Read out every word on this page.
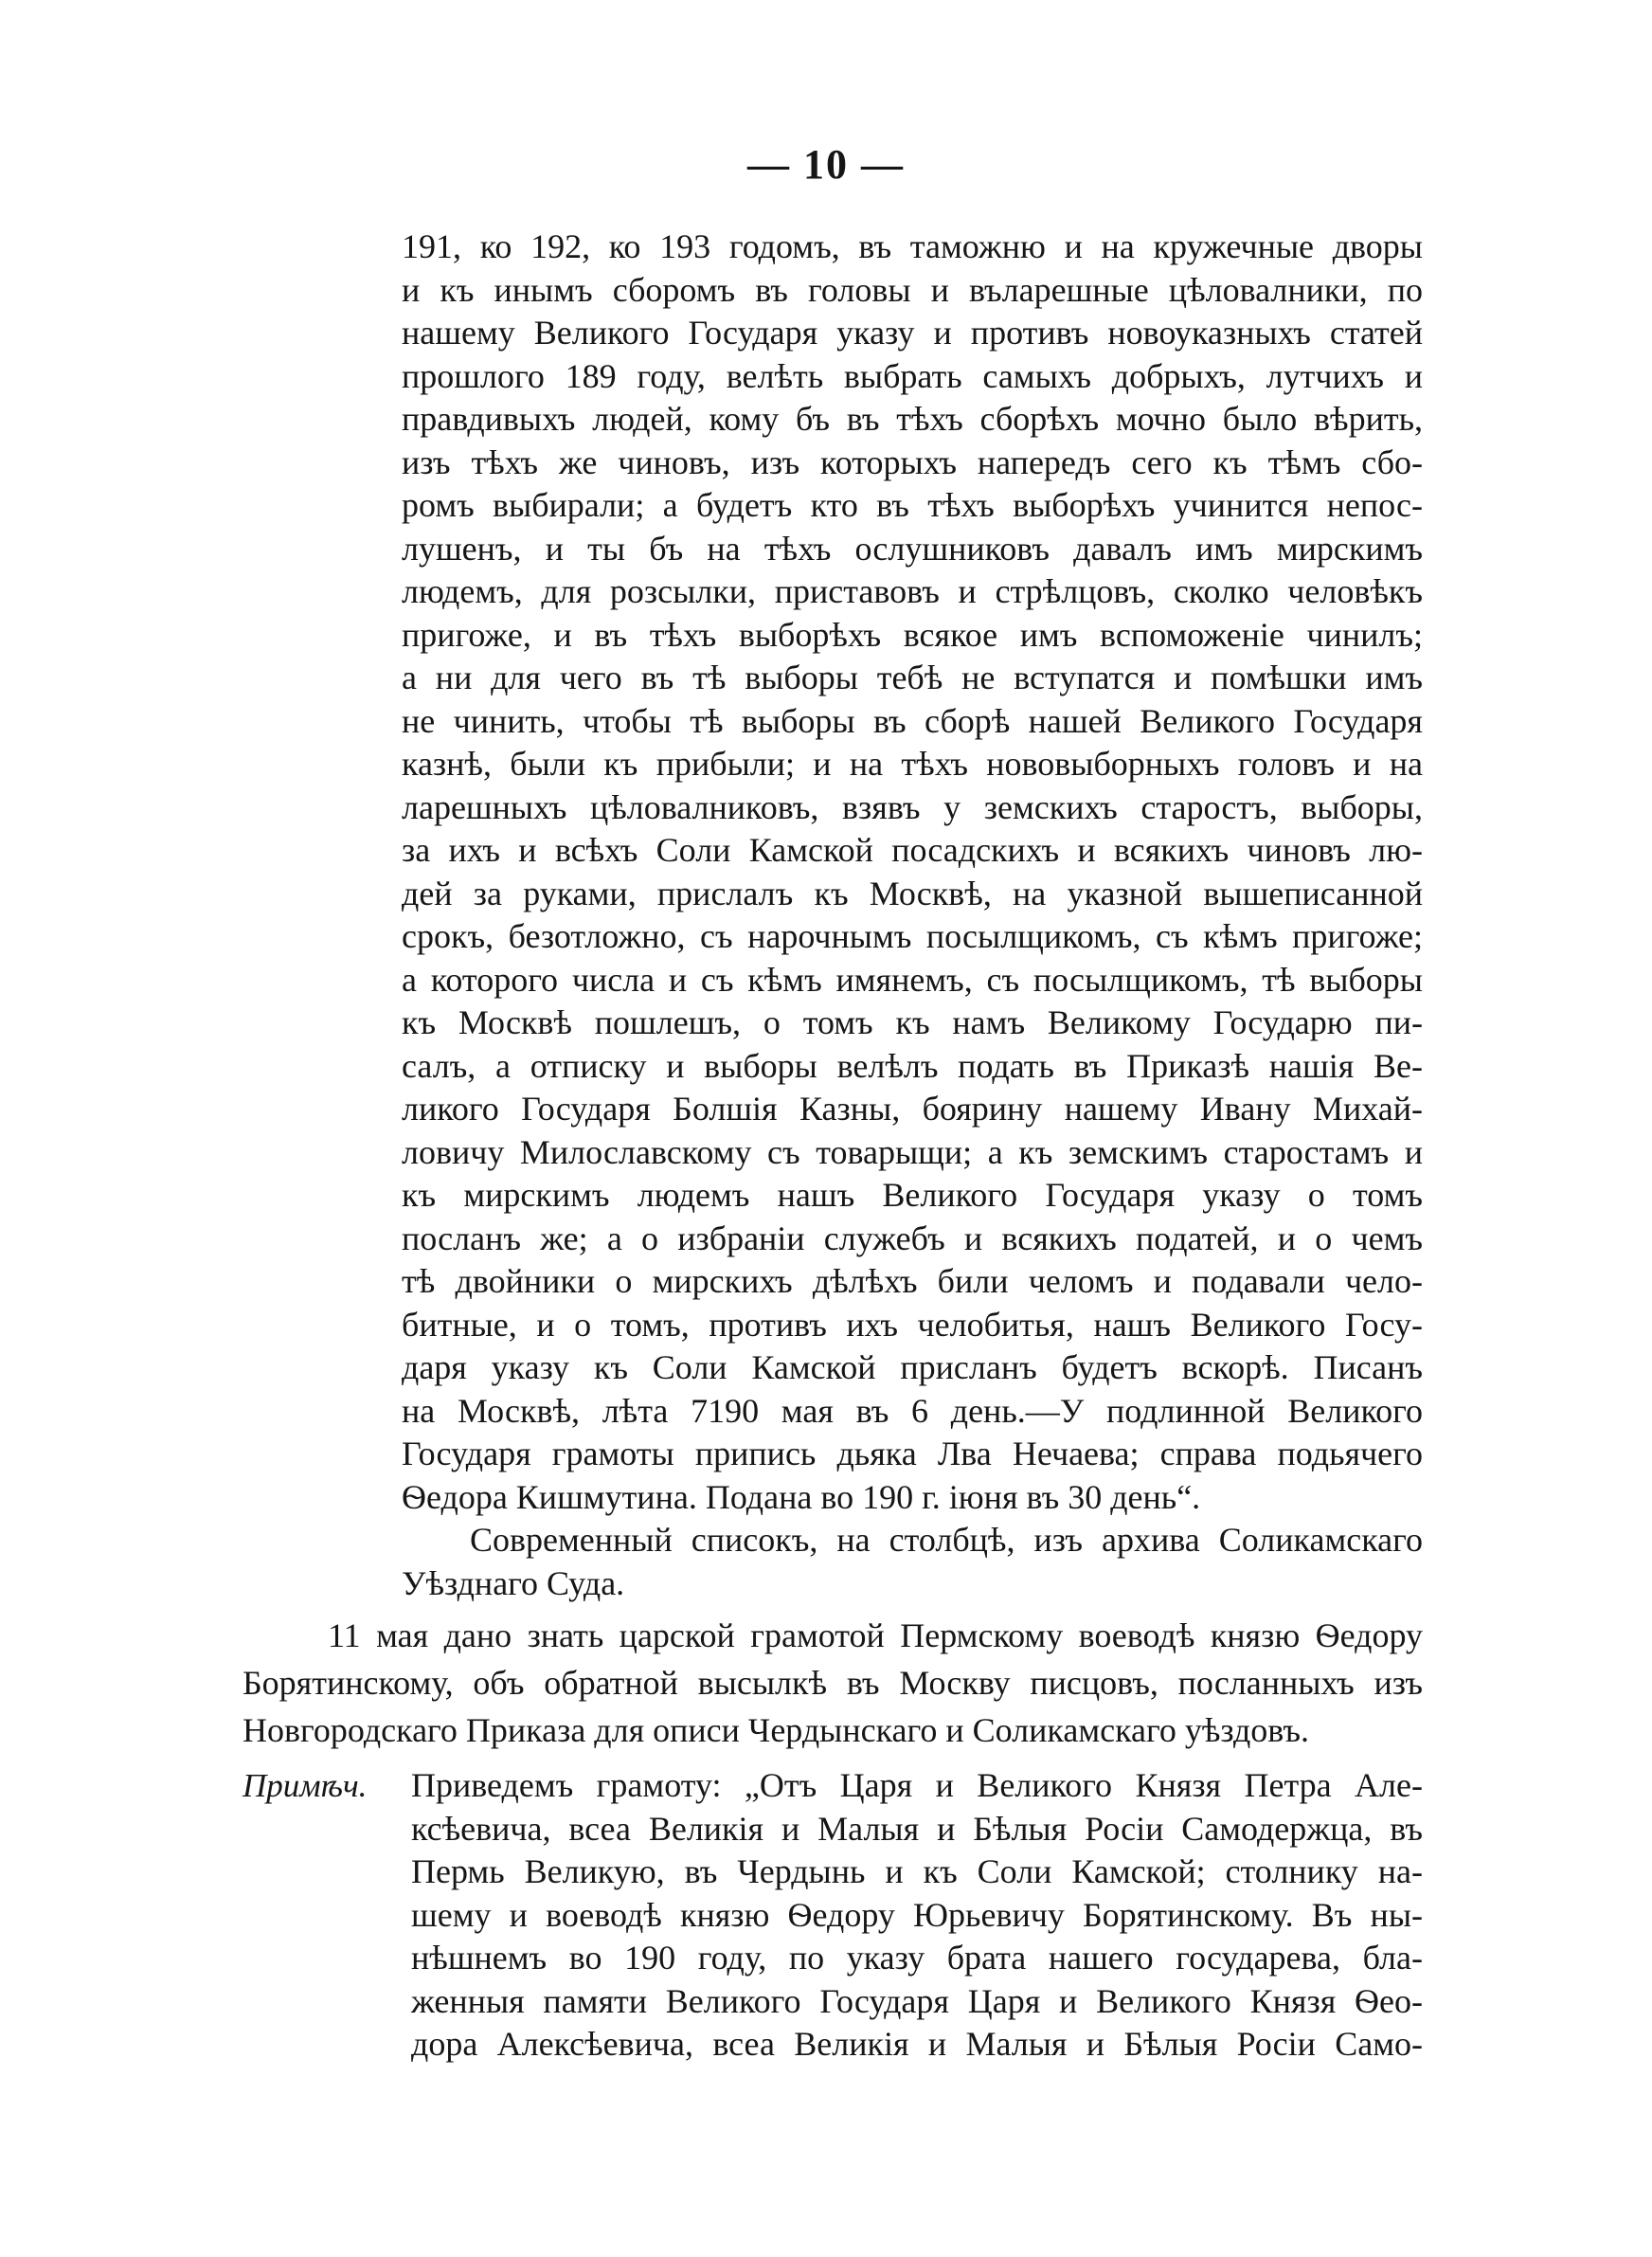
— 10 —
191, ко 192, ко 193 годомъ, въ таможню и на кружечные дворы
и къ инымъ сборомъ въ головы и въларешные цѣловалники, по
нашему Великого Государя указу и противъ новоуказныхъ статей
прошлого 189 году, велѣть выбрать самыхъ добрыхъ, лутчихъ и
правдивыхъ людей, кому бъ въ тѣхъ сборѣхъ мочно было вѣрить,
изъ тѣхъ же чиновъ, изъ которыхъ напередъ сего къ тѣмъ сбо-
ромъ выбирали; а будетъ кто въ тѣхъ выборѣхъ учинится непос-
лушенъ, и ты бъ на тѣхъ ослушниковъ давалъ имъ мирскимъ
людемъ, для розсылки, приставовъ и стрѣлцовъ, сколко человѣкъ
пригоже, и въ тѣхъ выборѣхъ всякое имъ вспоможенiе чинилъ;
а ни для чего въ тѣ выборы тебѣ не вступатся и помѣшки имъ
не чинить, чтобы тѣ выборы въ сборѣ нашей Великого Государя
казнѣ, были къ прибыли; и на тѣхъ нововыборныхъ головъ и на
ларешныхъ цѣловалниковъ, взявъ у земскихъ старостъ, выборы,
за ихъ и всѣхъ Соли Камской посадскихъ и всякихъ чиновъ лю-
дей за руками, прислалъ къ Москвѣ, на указной вышеписанной
срокъ, безотложно, съ нарочнымъ посылщикомъ, съ кѣмъ пригоже;
а которого числа и съ кѣмъ имянемъ, съ посылщикомъ, тѣ выборы
къ Москвѣ пошлешъ, о томъ къ намъ Великому Государю пи-
салъ, а отписку и выборы велѣлъ подать въ Приказѣ нашiя Ве-
ликого Государя Болшiя Казны, боярину нашему Ивану Михай-
ловичу Милославскому съ товарыщи; а къ земскимъ старостамъ и
къ мирскимъ людемъ нашъ Великого Государя указу о томъ
посланъ же; а о избранiи служебъ и всякихъ податей, и о чемъ
тѣ двойники о мирскихъ дѣлѣхъ били челомъ и подавали чело-
битные, и о томъ, противъ ихъ челобитья, нашъ Великого Госу-
даря указу къ Соли Камской присланъ будетъ вскорѣ. Писанъ
на Москвѣ, лѣта 7190 мая въ 6 день.—У подлинной Великого
Государя грамоты припись дьяка Лва Нечаева; справа подьячего
Ѳедора Кишмутина. Подана во 190 г. iюня въ 30 день“.
Современный списокъ, на столбцѣ, изъ архива Соликамскаго
Уѣзднаго Суда.
11 мая дано знать царской грамотой Пермскому воеводѣ князю Ѳедору
Борятинскому, объ обратной высылкѣ въ Москву писцовъ, посланныхъ изъ
Новгородскаго Приказа для описи Чердынскаго и Соликамскаго уѣздовъ.
Примѣч. Приведемъ грамоту: „Отъ Царя и Великого Князя Петра Але-
ксѣевича, всеа Великiя и Малыя и Бѣлыя Росiи Самодержца, въ
Пермь Великую, въ Чердынь и къ Соли Камской; столнику на-
шему и воеводѣ князю Ѳедору Юрьевичу Борятинскому. Въ ны-
нѣшнемъ во 190 году, по указу брата нашего государева, бла-
женныя памяти Великого Государя Царя и Великого Князя Ѳео-
дора Алексѣевича, всеа Великiя и Малыя и Бѣлыя Росiи Само-
